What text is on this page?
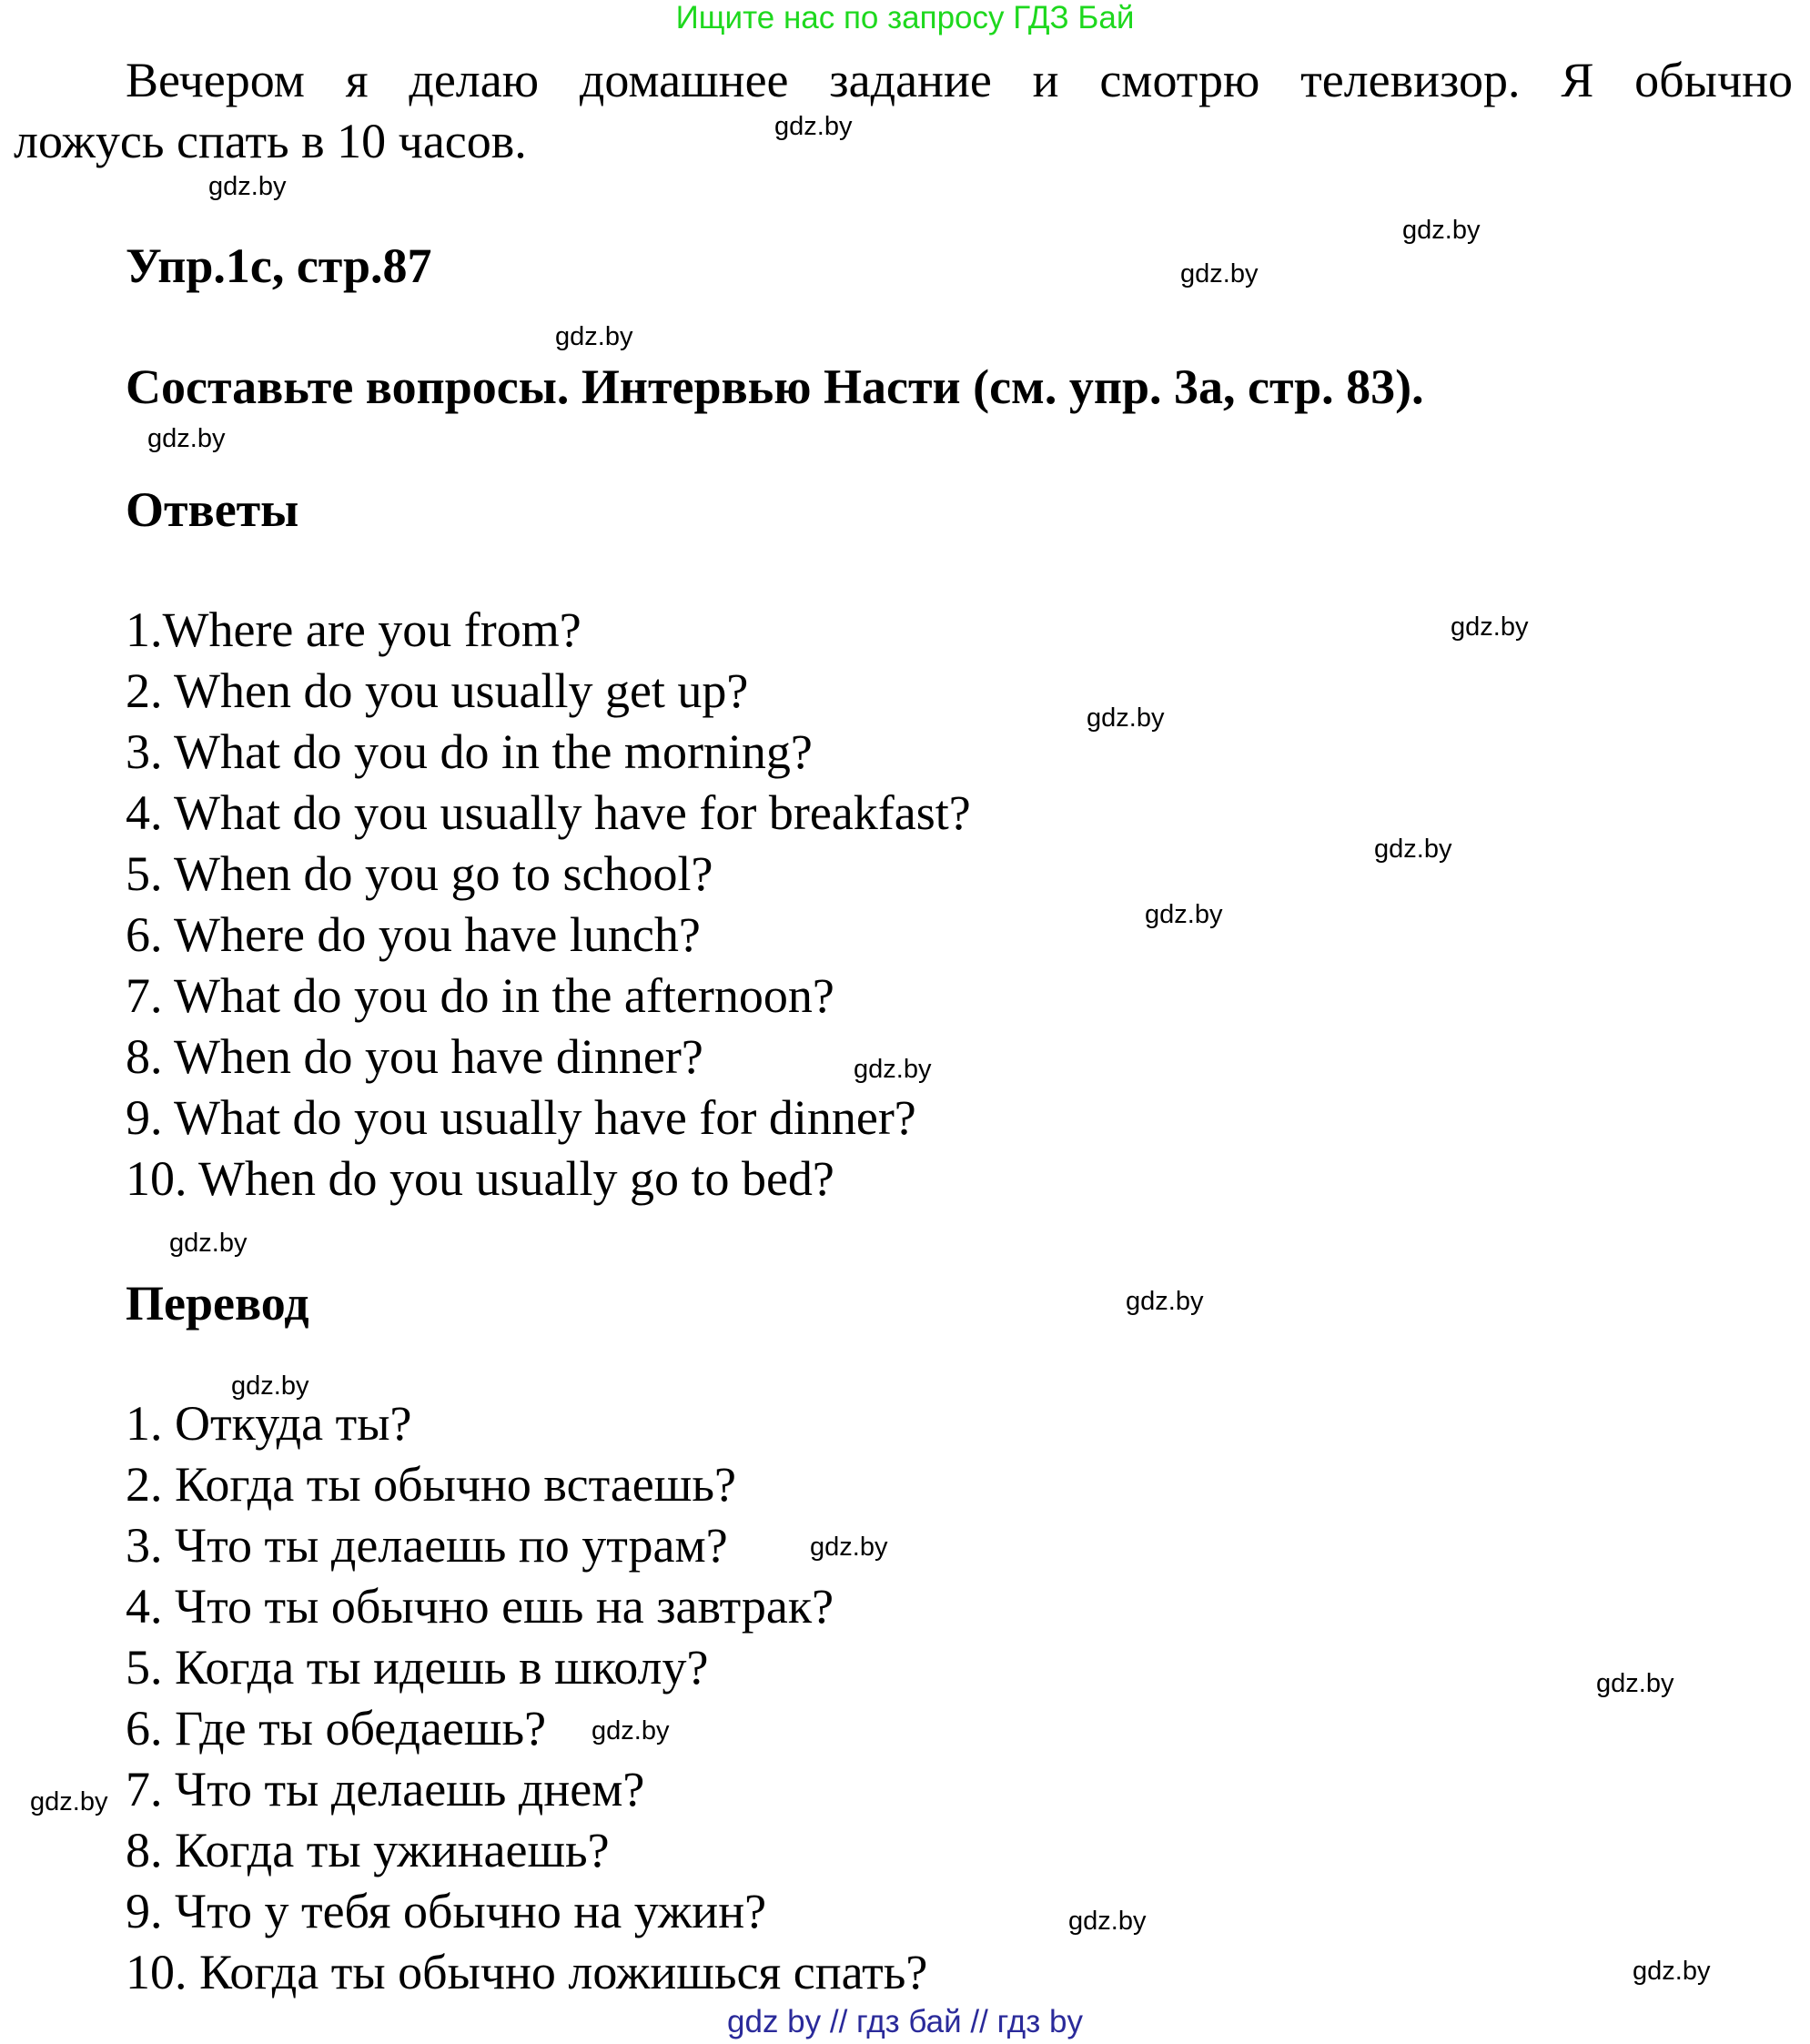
Ищите нас по запросу ГДЗ Бай
Вечером я делаю домашнее задание и смотрю телевизор. Я обычно
ложусь спать в 10 часов.
Упр.1c, стр.87
Составьте вопросы. Интервью Насти (см. упр. 3a, стр. 83).
Ответы
1.Where are you from?
2. When do you usually get up?
3. What do you do in the morning?
4. What do you usually have for breakfast?
5. When do you go to school?
6. Where do you have lunch?
7. What do you do in the afternoon?
8. When do you have dinner?
9. What do you usually have for dinner?
10. When do you usually go to bed?
Перевод
1. Откуда ты?
2. Когда ты обычно встаешь?
3. Что ты делаешь по утрам?
4. Что ты обычно ешь на завтрак?
5. Когда ты идешь в школу?
6. Где ты обедаешь?
7. Что ты делаешь днем?
8. Когда ты ужинаешь?
9. Что у тебя обычно на ужин?
10. Когда ты обычно ложишься спать?
gdz.by
gdz.by
gdz.by
gdz.by
gdz.by
gdz.by
gdz.by
gdz.by
gdz.by
gdz.by
gdz.by
gdz.by
gdz.by
gdz.by
gdz.by
gdz.by
gdz.by
gdz.by
gdz.by
gdz.by
gdz by // гдз бай // гдз by
